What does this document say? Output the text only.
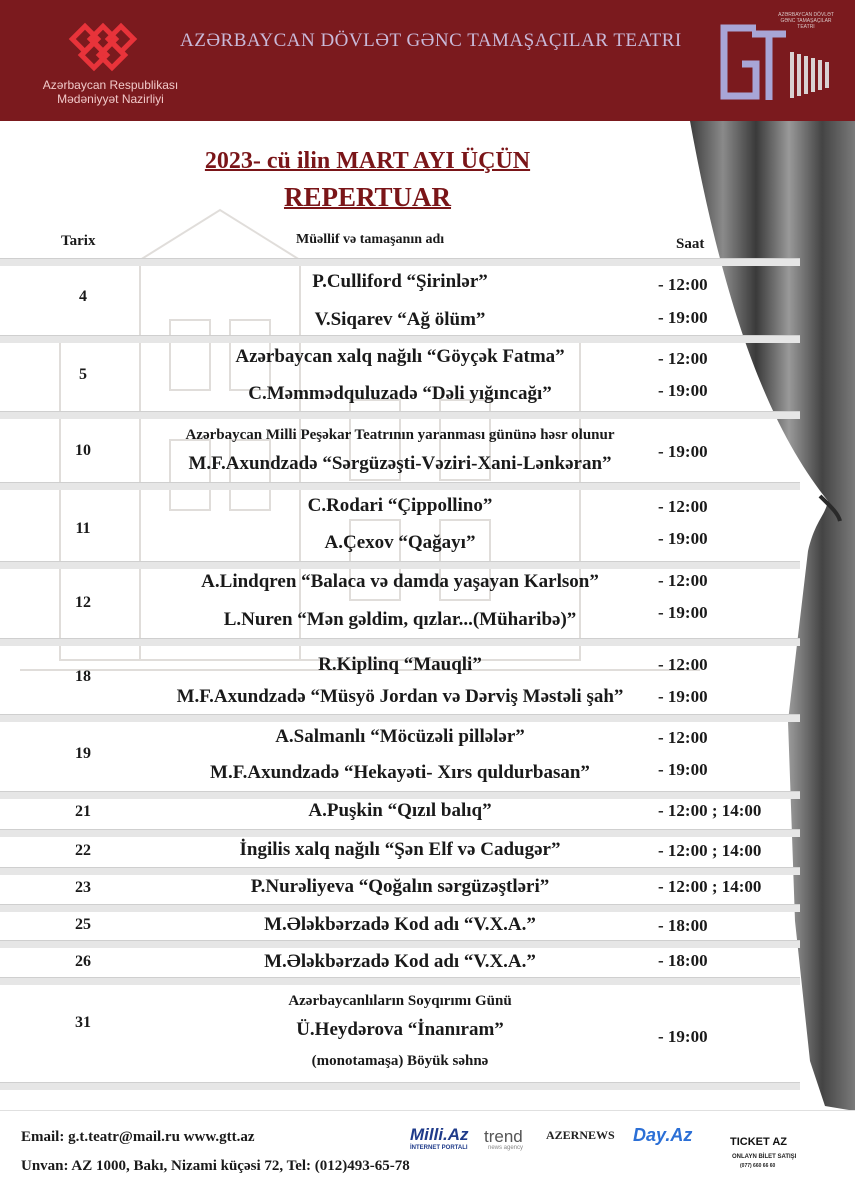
Azərbaycan Respublikası Mədəniyyət Nazirliyi
AZƏRBAYCAN DÖVLƏT GƏNC TAMAŞAÇILAR TEATRI
AZƏRBAYCAN DÖVLƏT GƏNC TAMAŞAÇILAR TEATRI
2023- cü ilin MART AYI ÜÇÜN
REPERTUAR
Tarix	Müəllif və tamaşanın adı	Saat
4
P.Culliford “Şirinlər”	- 12:00
V.Siqarev “Ağ ölüm”	- 19:00
5
Azərbaycan xalq nağılı “Göyçək Fatma”	- 12:00
C.Məmmədquluzadə “Dəli yığıncağı”	- 19:00
10
Azərbaycan Milli Peşəkar Teatrının yaranması gününə həsr olunur
M.F.Axundzadə “Sərgüzəşti-Vəziri-Xani-Lənkəran”
- 19:00
11
C.Rodari “Çippollino”	- 12:00
A.Çexov “Qağayı”	- 19:00
12
A.Lindqren “Balaca və damda yaşayan Karlson”	- 12:00
L.Nuren “Mən gəldim, qızlar...(Müharibə)”	- 19:00
18
R.Kiplinq “Mauqli”	- 12:00
M.F.Axundzadə “Müsyö Jordan və Dərviş Məstəli şah”	- 19:00
19
A.Salmanlı “Möcüzəli pillələr”	- 12:00
M.F.Axundzadə “Hekayəti- Xırs quldurbasan”	- 19:00
21	A.Puşkin “Qızıl balıq”	- 12:00 ; 14:00
22	İngilis xalq nağılı “Şən Elf və Cadugər”	- 12:00 ; 14:00
23	P.Nurəliyeva “Qoğalın sərgüzəştləri”	- 12:00 ; 14:00
25	M.Ələkbərzadə Kod adı “V.X.A.”	- 18:00
26	M.Ələkbərzadə Kod adı “V.X.A.”	- 18:00
31
Azərbaycanlıların Soyqırımı Günü
Ü.Heydərova “İnanıram”	- 19:00
(monotamaşa) Böyük səhnə
Email: g.t.teatr@mail.ru www.gtt.az
Unvan: AZ 1000, Bakı, Nizami küçəsi 72, Tel: (012)493-65-78
Milli.Az
İNTERNET PORTALI
trend
news agency
AZERNEWS Day.Az	TICKET AZ
ONLAYN BİLET SATIŞI
(077) 660 66 60
